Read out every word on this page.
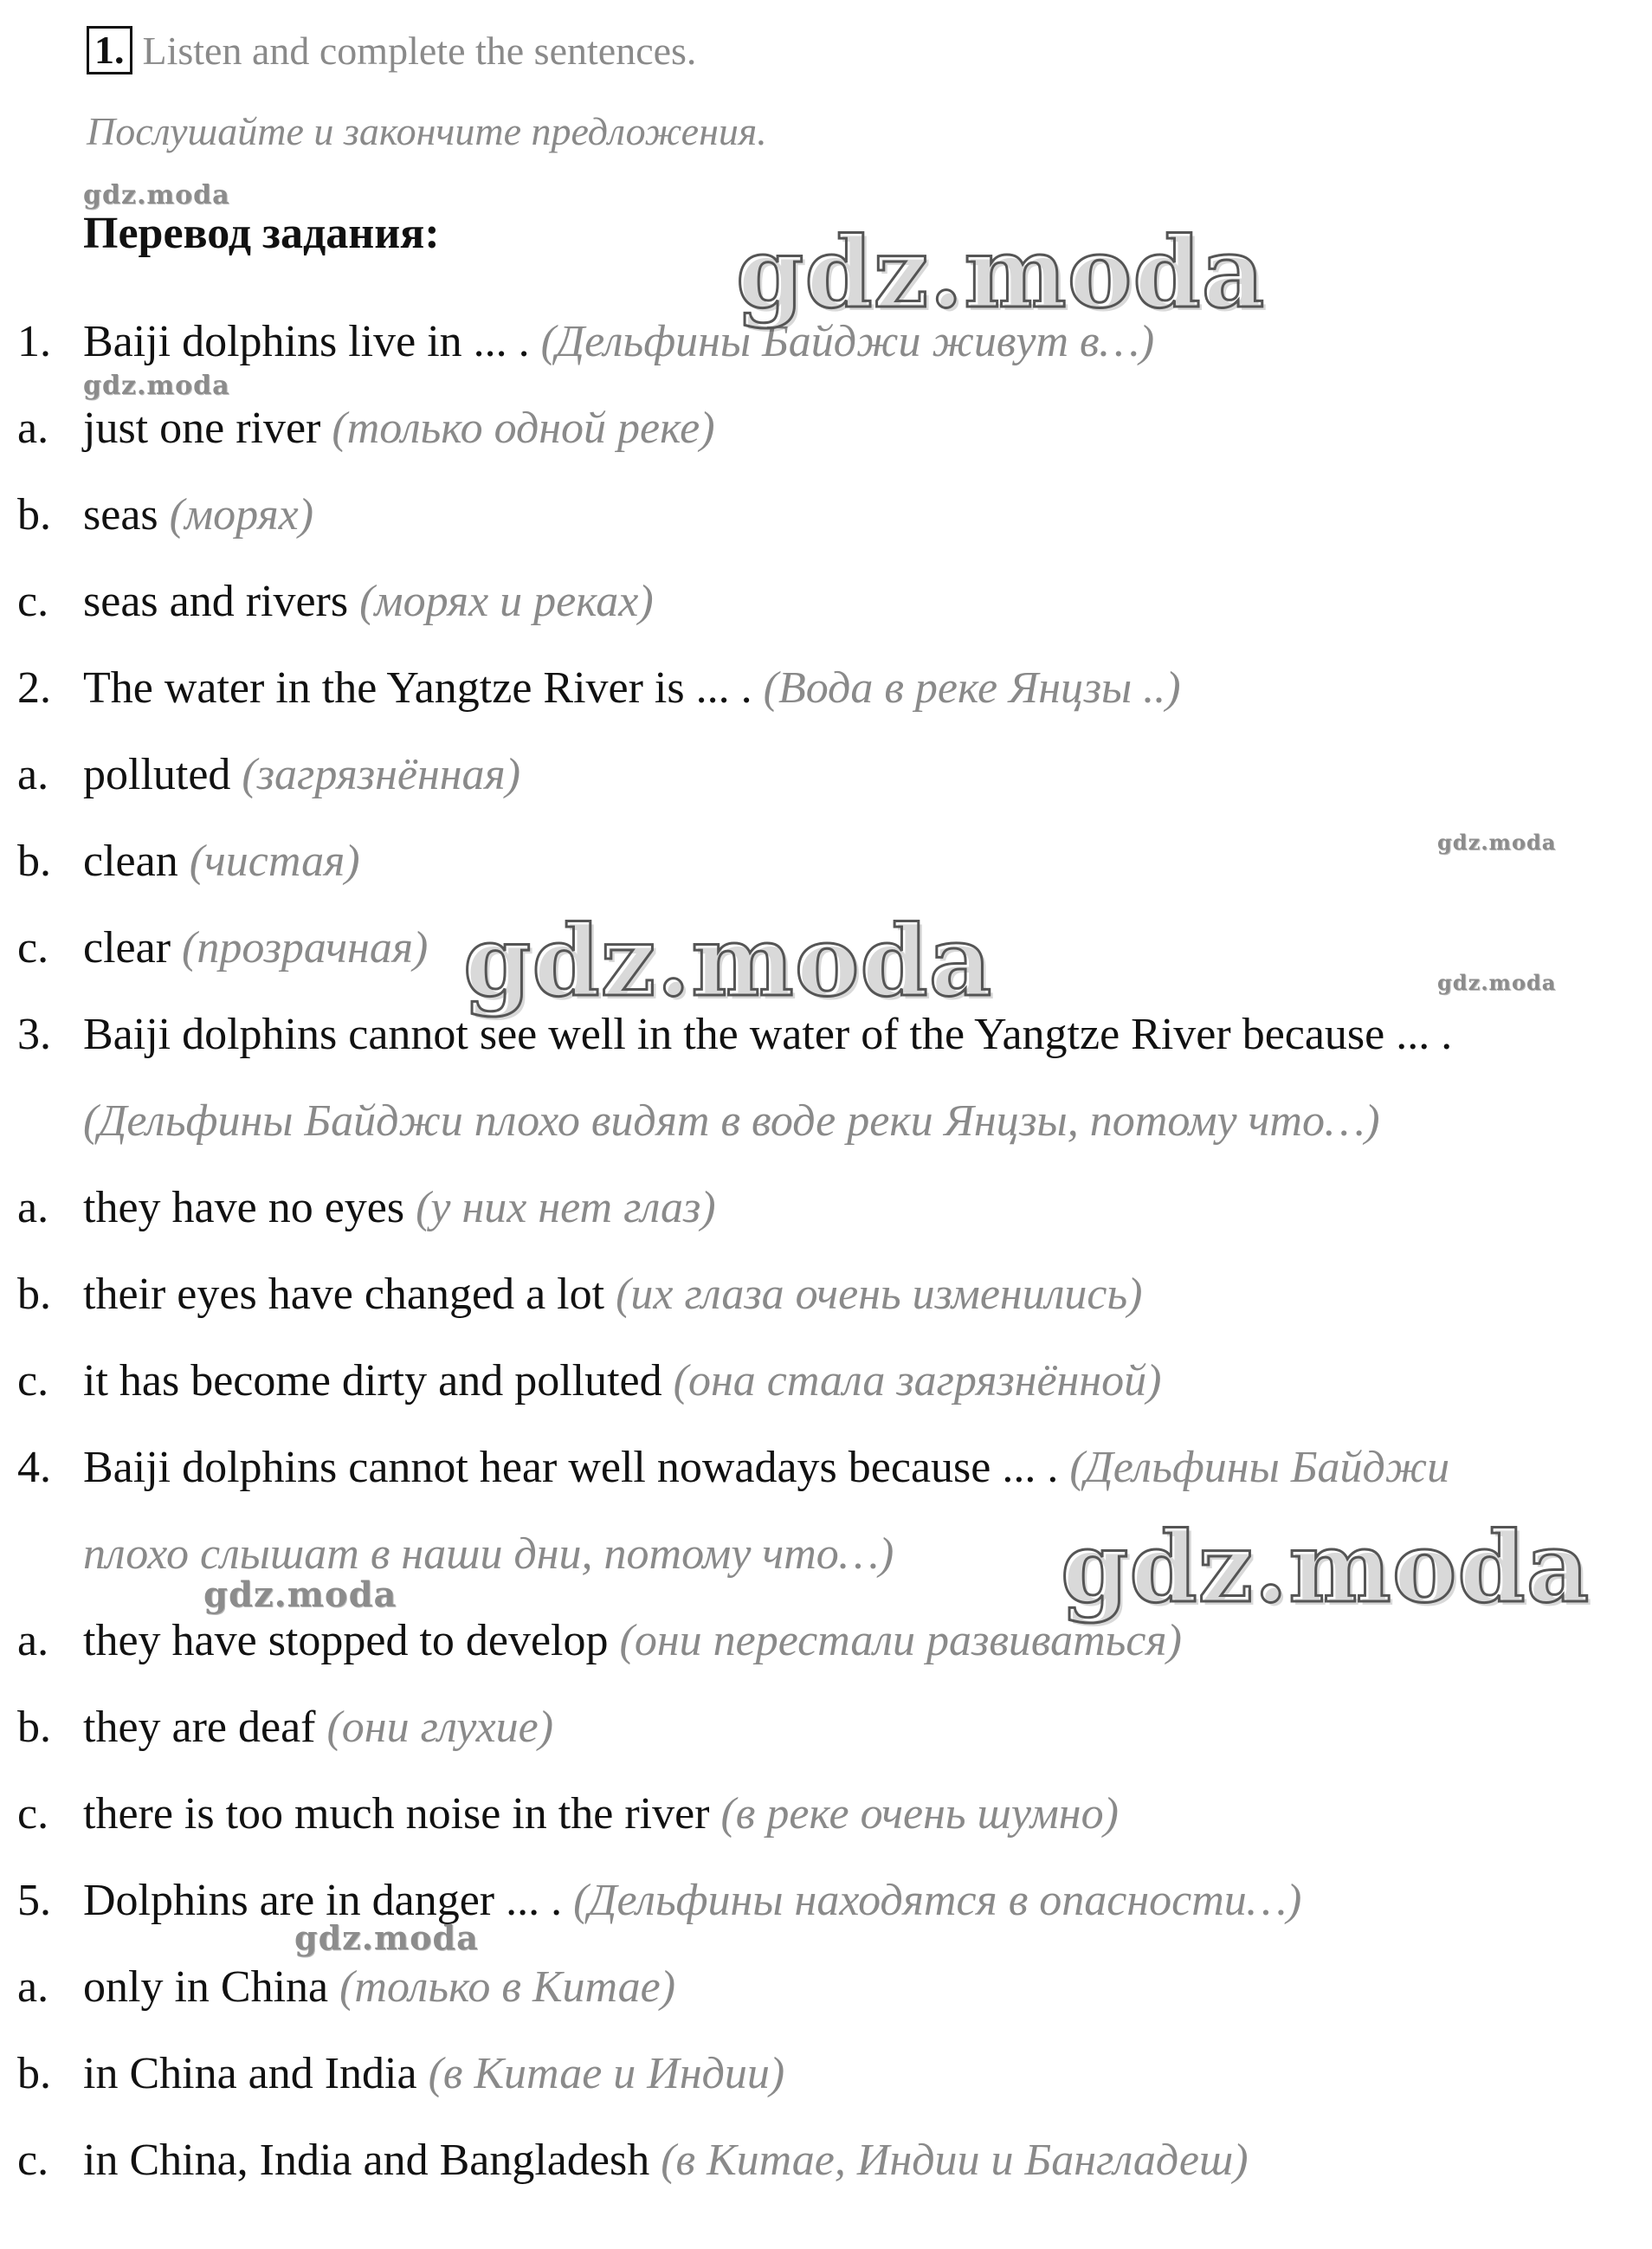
1. Listen and complete the sentences.
Послушайте и закончите предложения.
Перевод задания:
1. Baiji dolphins live in ... . (Дельфины Байджи живут в…)
a. just one river (только одной реке)
b. seas (морях)
c. seas and rivers (морях и реках)
2. The water in the Yangtze River is ... . (Вода в реке Янцзы ..)
a. polluted (загрязнённая)
b. clean (чистая)
c. clear (прозрачная)
3. Baiji dolphins cannot see well in the water of the Yangtze River because ... .
(Дельфины Байджи плохо видят в воде реки Янцзы, потому что…)
a. they have no eyes (у них нет глаз)
b. their eyes have changed a lot (их глаза очень изменились)
c. it has become dirty and polluted (она стала загрязнённой)
4. Baiji dolphins cannot hear well nowadays because ... . (Дельфины Байджи
плохо слышат в наши дни, потому что…)
a. they have stopped to develop (они перестали развиваться)
b. they are deaf (они глухие)
c. there is too much noise in the river (в реке очень шумно)
5. Dolphins are in danger ... . (Дельфины находятся в опасности…)
a. only in China (только в Китае)
b. in China and India (в Китае и Индии)
c. in China, India and Bangladesh (в Китае, Индии и Бангладеш)
gdz.moda
gdz.moda
gdz.moda
gdz.moda
gdz.moda	gdz.moda
gdz.moda	gdz.moda
gdz.moda
